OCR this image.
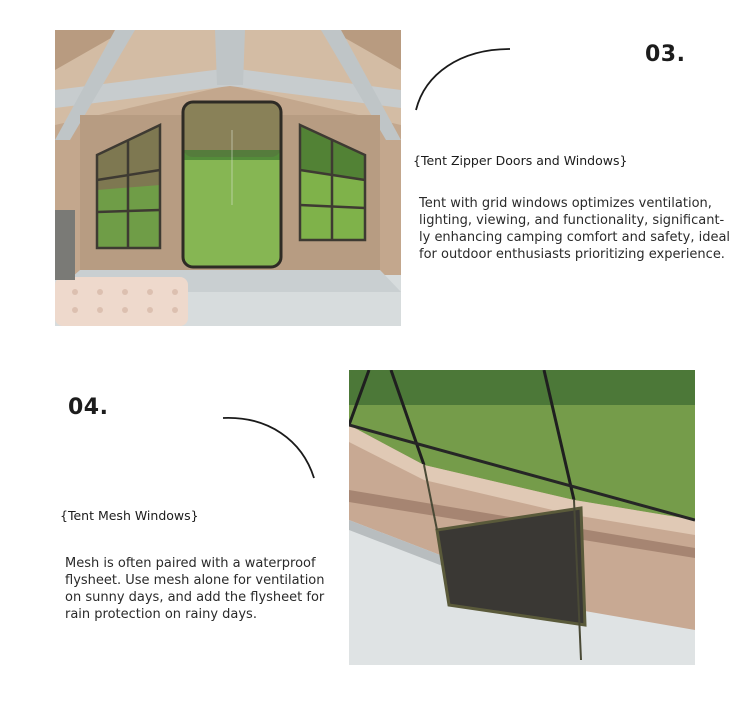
03.
{Tent Zipper Doors and Windows}
Tent with grid windows optimizes ventilation,
lighting, viewing, and functionality, significant-
ly enhancing camping comfort and safety, ideal
for outdoor enthusiasts prioritizing experience.
04.
{Tent Mesh Windows}
Mesh is often paired with a waterproof
flysheet. Use mesh alone for ventilation
on sunny days, and add the flysheet for
rain protection on rainy days.
